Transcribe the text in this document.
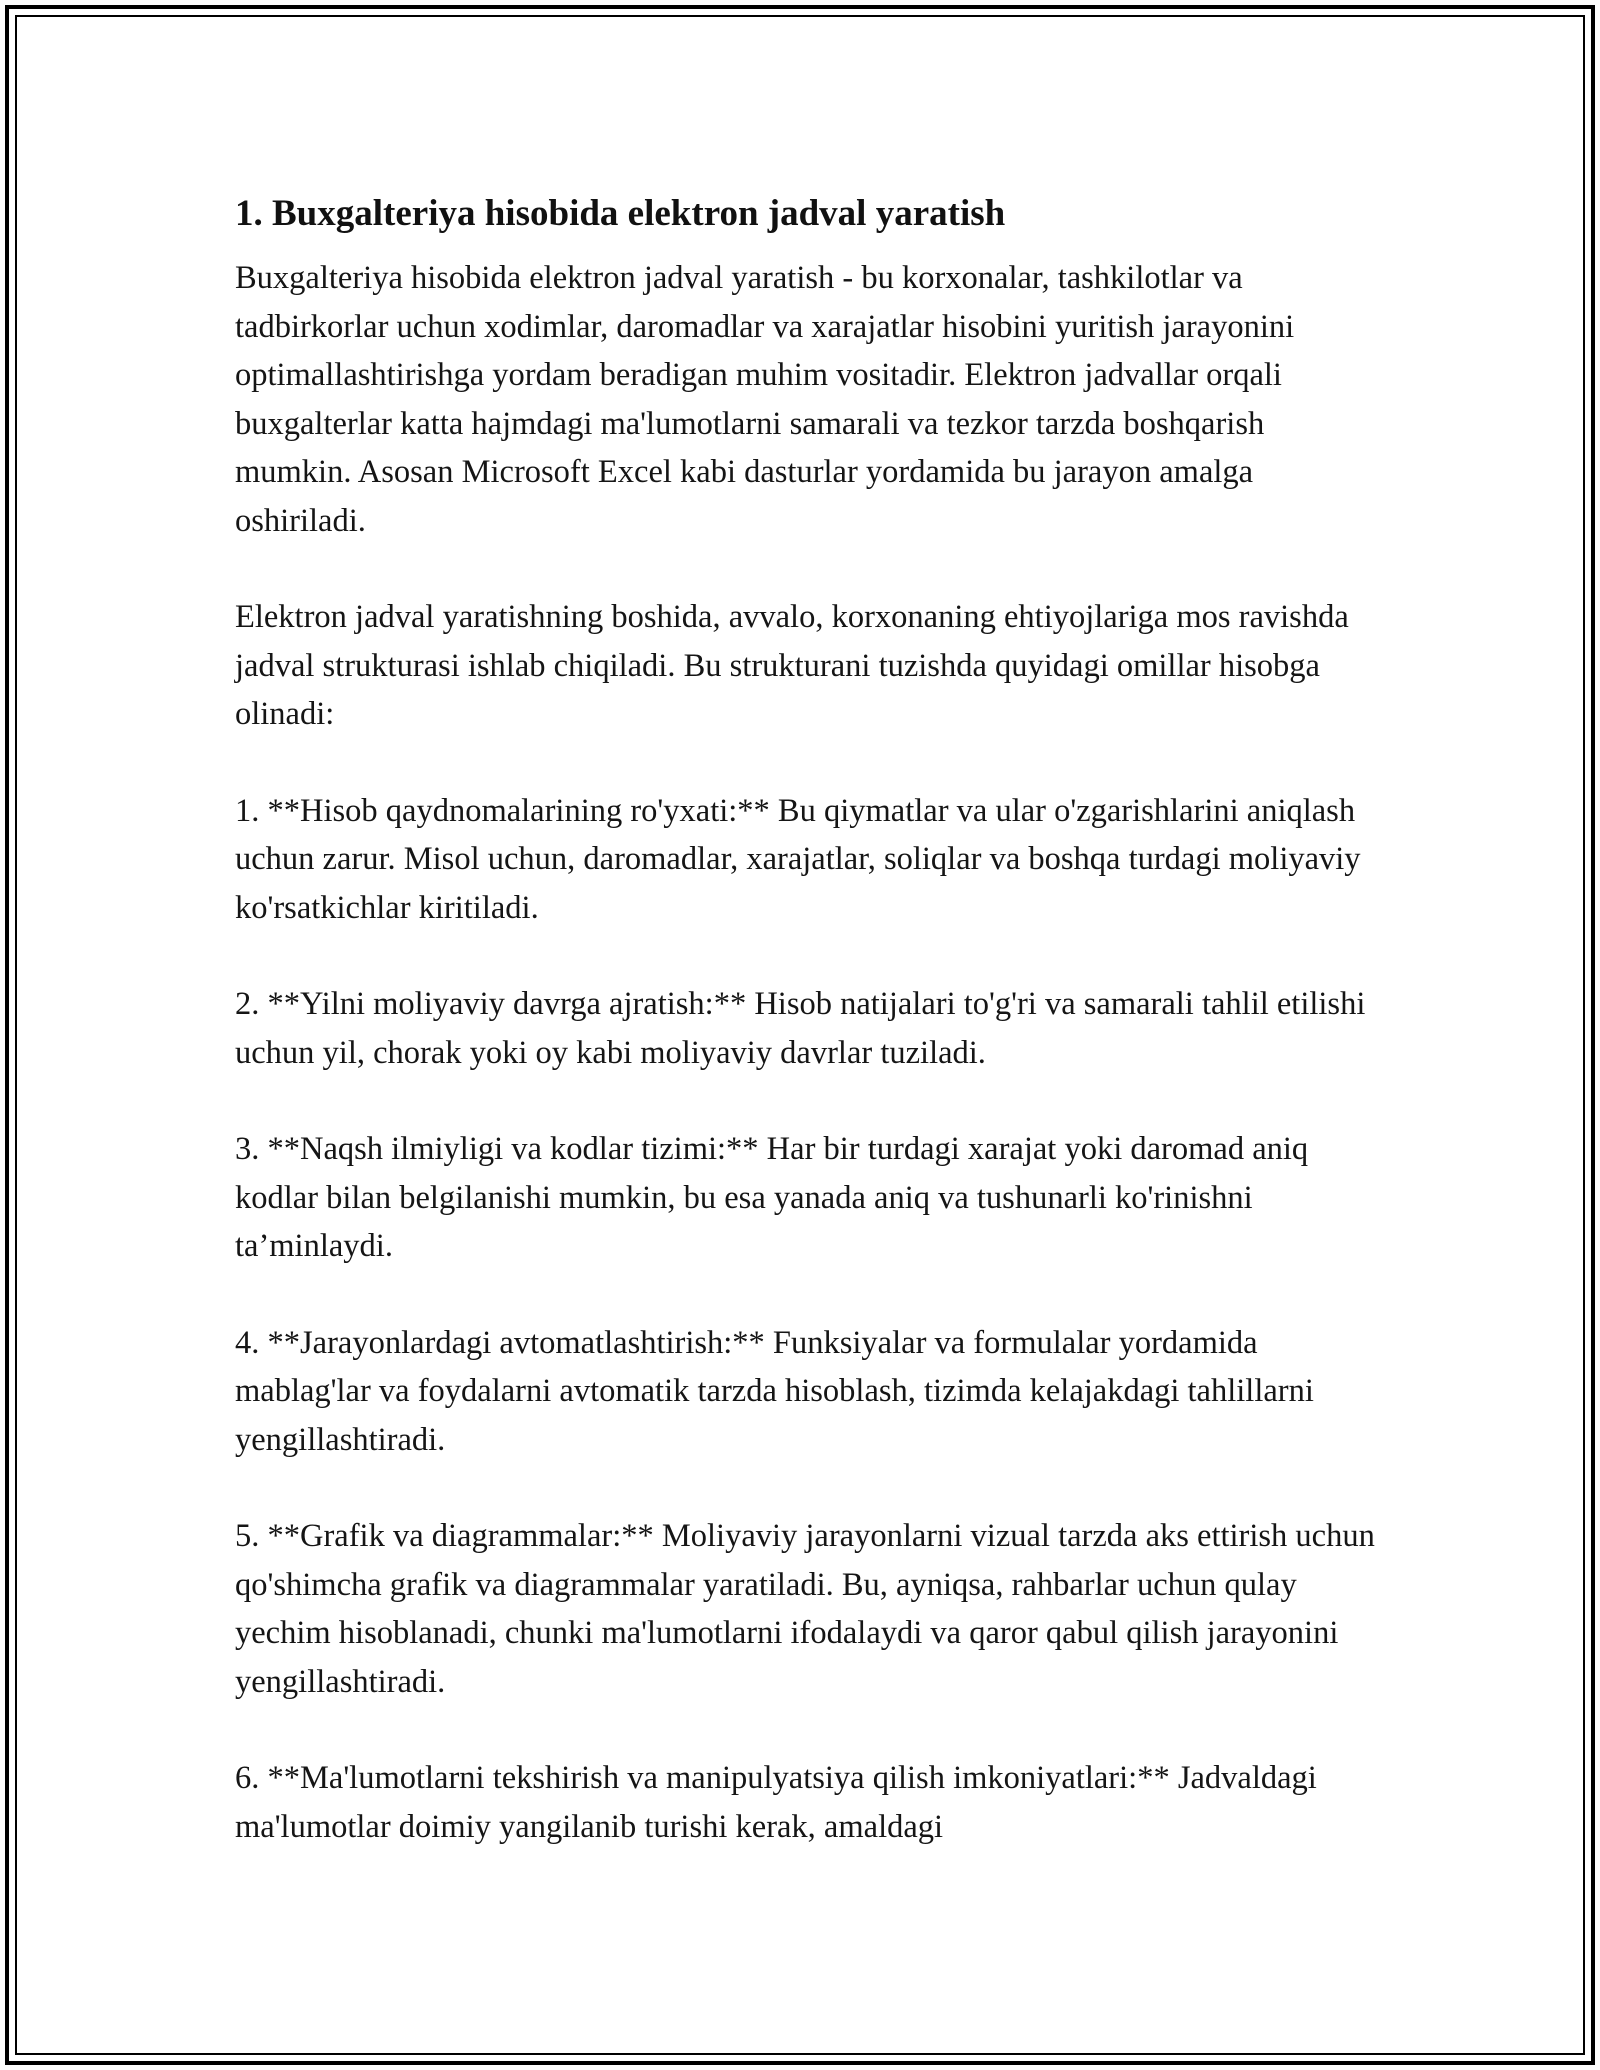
1. Buxgalteriya hisobida elektron jadval yaratish

Buxgalteriya hisobida elektron jadval yaratish - bu korxonalar, tashkilotlar va tadbirkorlar uchun xodimlar, daromadlar va xarajatlar hisobini yuritish jarayonini optimallashtirishga yordam beradigan muhim vositadir. Elektron jadvallar orqali buxgalterlar katta hajmdagi ma'lumotlarni samarali va tezkor tarzda boshqarish mumkin. Asosan Microsoft Excel kabi dasturlar yordamida bu jarayon amalga oshiriladi.

Elektron jadval yaratishning boshida, avvalo, korxonaning ehtiyojlariga mos ravishda jadval strukturasi ishlab chiqiladi. Bu strukturani tuzishda quyidagi omillar hisobga olinadi:

1. **Hisob qaydnomalarining ro'yxati:** Bu qiymatlar va ular o'zgarishlarini aniqlash uchun zarur. Misol uchun, daromadlar, xarajatlar, soliqlar va boshqa turdagi moliyaviy ko'rsatkichlar kiritiladi.

2. **Yilni moliyaviy davrga ajratish:** Hisob natijalari to'g'ri va samarali tahlil etilishi uchun yil, chorak yoki oy kabi moliyaviy davrlar tuziladi.

3. **Naqsh ilmiyligi va kodlar tizimi:** Har bir turdagi xarajat yoki daromad aniq kodlar bilan belgilanishi mumkin, bu esa yanada aniq va tushunarli ko'rinishni ta’minlaydi.

4. **Jarayonlardagi avtomatlashtirish:** Funksiyalar va formulalar yordamida mablag'lar va foydalarni avtomatik tarzda hisoblash, tizimda kelajakdagi tahlillarni yengillashtiradi.

5. **Grafik va diagrammalar:** Moliyaviy jarayonlarni vizual tarzda aks ettirish uchun qo'shimcha grafik va diagrammalar yaratiladi. Bu, ayniqsa, rahbarlar uchun qulay yechim hisoblanadi, chunki ma'lumotlarni ifodalaydi va qaror qabul qilish jarayonini yengillashtiradi.

6. **Ma'lumotlarni tekshirish va manipulyatsiya qilish imkoniyatlari:** Jadvaldagi ma'lumotlar doimiy yangilanib turishi kerak, amaldagi
